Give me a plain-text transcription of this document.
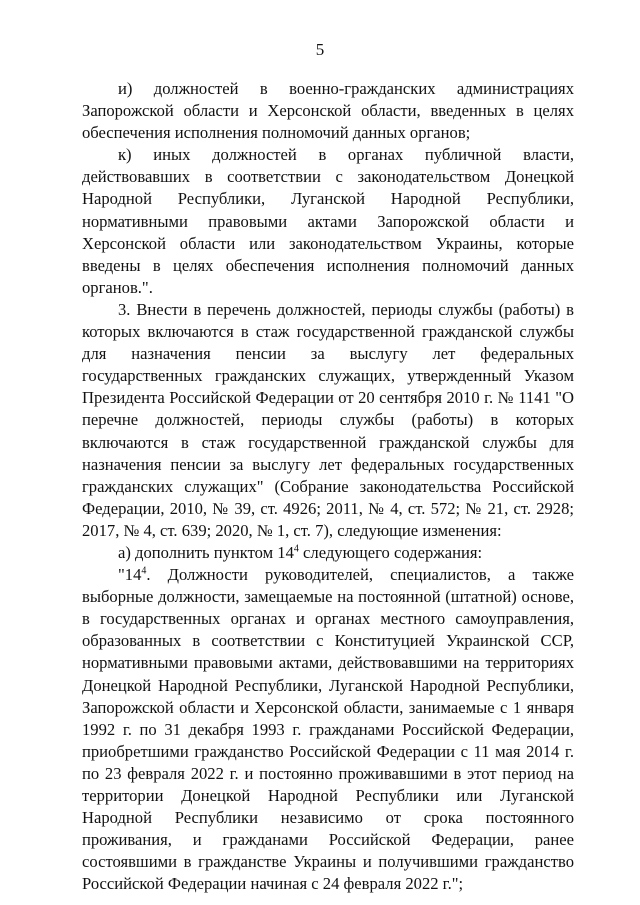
5

и) должностей в военно-гражданских администрациях Запорожской области и Херсонской области, введенных в целях обеспечения исполнения полномочий данных органов;

к) иных должностей в органах публичной власти, действовавших в соответствии с законодательством Донецкой Народной Республики, Луганской Народной Республики, нормативными правовыми актами Запорожской области и Херсонской области или законодательством Украины, которые введены в целях обеспечения исполнения полномочий данных органов.".

3. Внести в перечень должностей, периоды службы (работы) в которых включаются в стаж государственной гражданской службы для назначения пенсии за выслугу лет федеральных государственных гражданских служащих, утвержденный Указом Президента Российской Федерации от 20 сентября 2010 г. № 1141 "О перечне должностей, периоды службы (работы) в которых включаются в стаж государственной гражданской службы для назначения пенсии за выслугу лет федеральных государственных гражданских служащих" (Собрание законодательства Российской Федерации, 2010, № 39, ст. 4926; 2011, № 4, ст. 572; № 21, ст. 2928; 2017, № 4, ст. 639; 2020, № 1, ст. 7), следующие изменения:

а) дополнить пунктом $14^4$ следующего содержания:

"$14^4$. Должности руководителей, специалистов, а также выборные должности, замещаемые на постоянной (штатной) основе, в государственных органах и органах местного самоуправления, образованных в соответствии с Конституцией Украинской ССР, нормативными правовыми актами, действовавшими на территориях Донецкой Народной Республики, Луганской Народной Республики, Запорожской области и Херсонской области, занимаемые с 1 января 1992 г. по 31 декабря 1993 г. гражданами Российской Федерации, приобретшими гражданство Российской Федерации с 11 мая 2014 г. по 23 февраля 2022 г. и постоянно проживавшими в этот период на территории Донецкой Народной Республики или Луганской Народной Республики независимо от срока постоянного проживания, и гражданами Российской Федерации, ранее состоявшими в гражданстве Украины и получившими гражданство Российской Федерации начиная с 24 февраля 2022 г.";
